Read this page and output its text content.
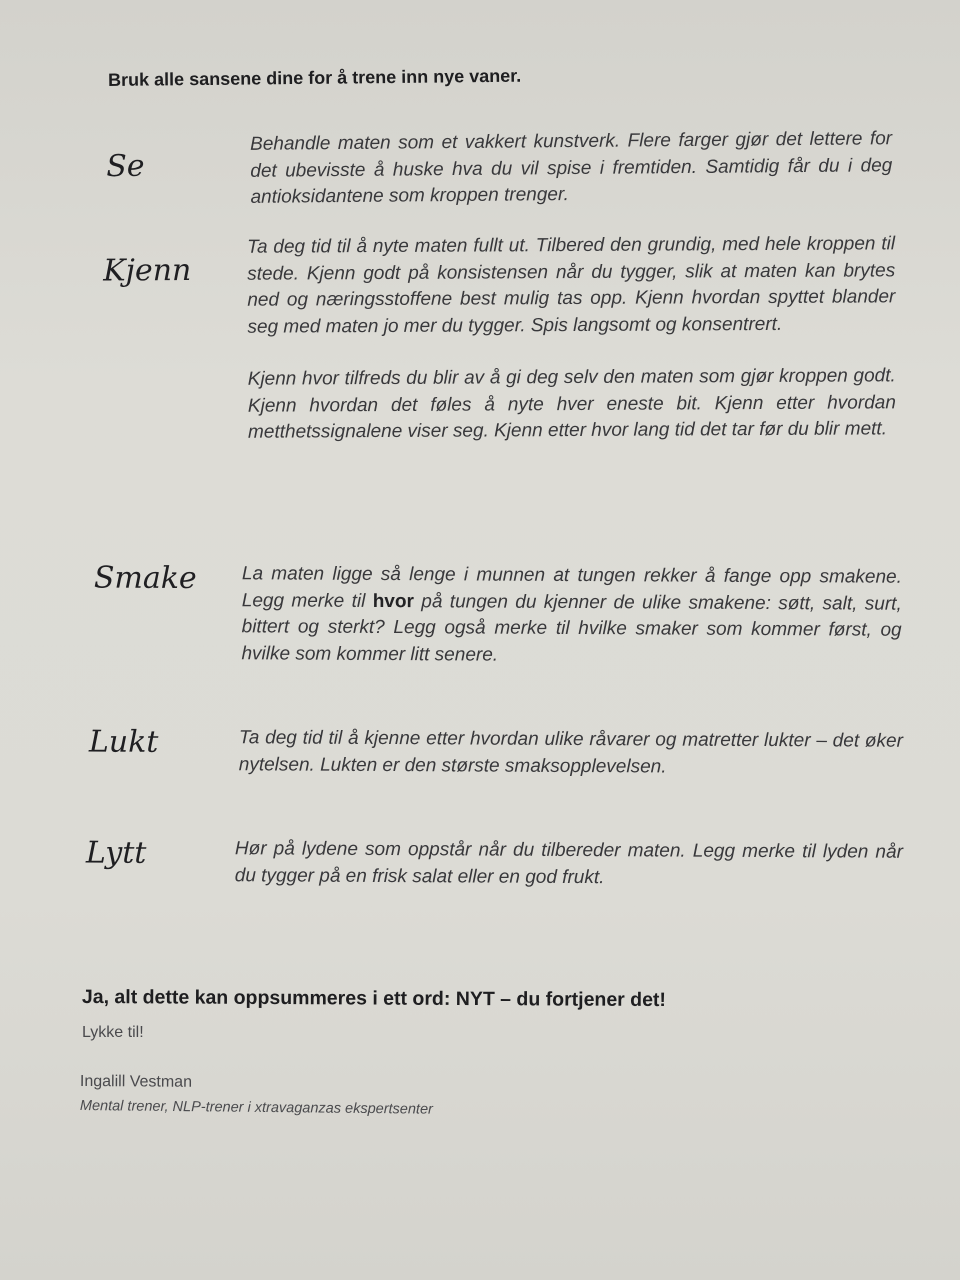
Bruk alle sansene dine for å trene inn nye vaner.
Se

Behandle maten som et vakkert kunstverk. Flere farger gjør det lettere for det ubevisste å huske hva du vil spise i fremtiden. Samtidig får du i deg antioksidantene som kroppen trenger.

Kjenn

Ta deg tid til å nyte maten fullt ut. Tilbered den grundig, med hele kroppen til stede. Kjenn godt på konsistensen når du tygger, slik at maten kan brytes ned og næringsstoffene best mulig tas opp. Kjenn hvordan spyttet blander seg med maten jo mer du tygger. Spis langsomt og konsentrert.

Kjenn hvor tilfreds du blir av å gi deg selv den maten som gjør kroppen godt. Kjenn hvordan det føles å nyte hver eneste bit. Kjenn etter hvordan metthetssignalene viser seg. Kjenn etter hvor lang tid det tar før du blir mett.

Smake La maten ligge så lenge i munnen at tungen rekker å fange opp smakene. Legg merke til hvor på tungen du kjenner de ulike smakene: søtt, salt, surt, bittert og sterkt? Legg også merke til hvilke smaker som kommer først, og hvilke som kommer litt senere.

Lukt	Ta deg tid til å kjenne etter hvordan ulike råvarer og matretter lukter – det øker nytelsen. Lukten er den største smaksopplevelsen.

Lytt	Hør på lydene som oppstår når du tilbereder maten. Legg merke til lyden når du tygger på en frisk salat eller en god frukt.

Ja, alt dette kan oppsummeres i ett ord: NYT – du fortjener det!
Lykke til!
Ingalill Vestman
Mental trener, NLP-trener i xtravaganzas ekspertsenter
